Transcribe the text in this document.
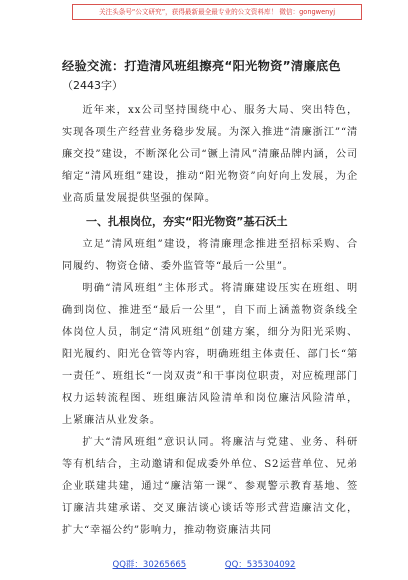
关注头条号“公文研究”，获得最新最全最专业的公文资料库！ 微信：gongwenyj
经验交流：打造清风班组擦亮“阳光物资”清廉底色
（2443字）

近年来，xx公司坚持围绕中心、服务大局、突出特色，实现各项生产经营业务稳步发展。为深入推进“清廉浙江”“清廉交投”建设，不断深化公司“镢上清风”清廉品牌内涵，公司缩定“清风班组”建设，推动“阳光物资”向好向上发展，为企业高质量发展提供坚强的保障。

一、扎根岗位，夯实“阳光物资”基石沃土

立足“清风班组”建设，将清廉理念推进至招标采购、合同履约、物资仓储、委外监管等“最后一公里”。

明确“清风班组”主体形式。将清廉建设压实在班组、明确到岗位、推进至“最后一公里”，自下而上涵盖物资条线全体岗位人员，制定“清风班组”创建方案，细分为阳光采购、阳光履约、阳光仓管等内容，明确班组主体责任、部门长“第一责任”、班组长“一岗双责”和干事岗位职责，对应梳理部门权力运转流程图、班组廉洁风险清单和岗位廉洁风险清单，上紧廉洁从业发条。

扩大“清风班组”意识认同。将廉洁与党建、业务、科研等有机结合，主动邀请和促成委外单位、S2运营单位、兄弟企业联建共建，通过“廉洁第一课”、参观警示教育基地、签订廉洁共建承诺、交叉廉洁谈心谈话等形式营造廉洁文化，扩大“幸福公约”影响力，推动物资廉洁共同

QQ群：30265665	QQ：535304092
